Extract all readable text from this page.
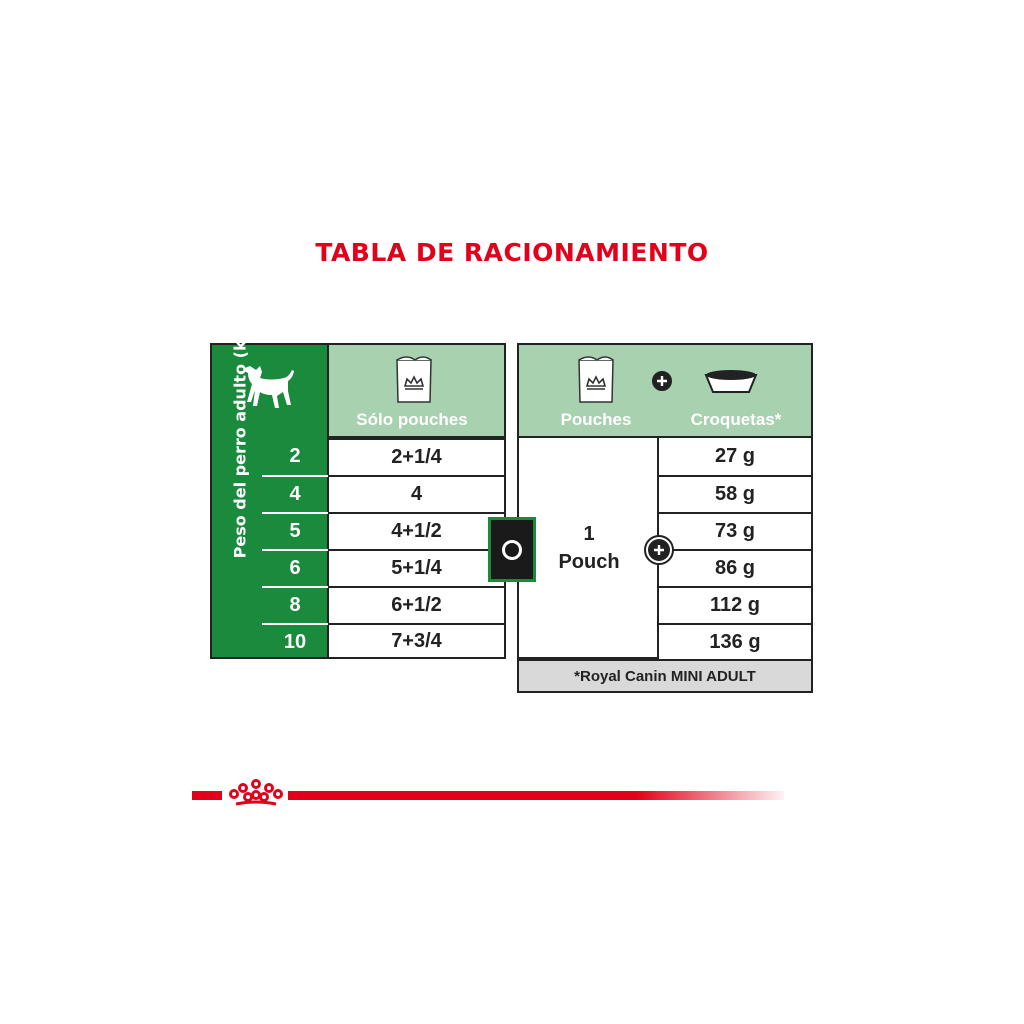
TABLA DE RACIONAMIENTO
Peso del perro adulto (kg)	2
4
5
6
8
10
Sólo pouches
2+1/4
4
4+1/2
5+1/4
6+1/2
7+3/4
Pouches	Croquetas*
1
Pouch
27 g
58 g
73 g
86 g
112 g
136 g
*Royal Canin MINI ADULT
